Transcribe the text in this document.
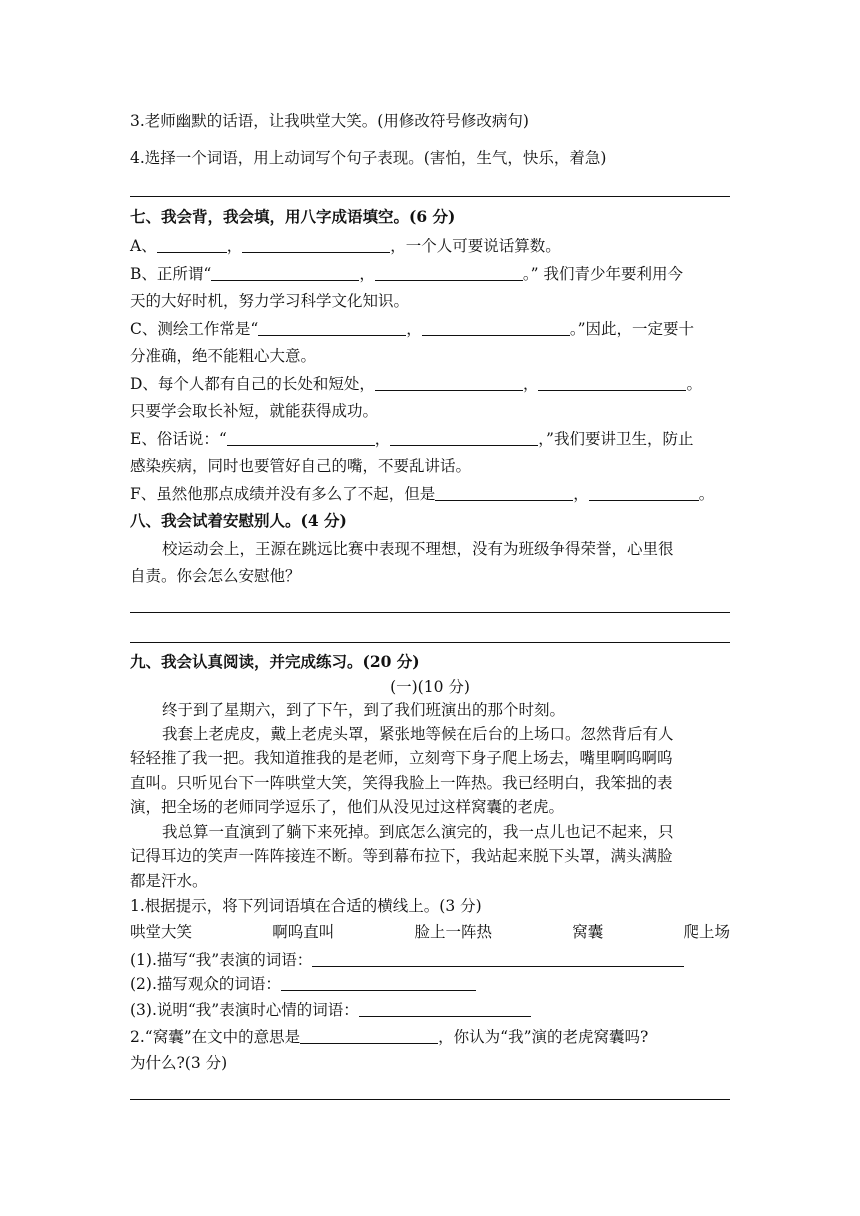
3.老师幽默的话语，让我哄堂大笑。(用修改符号修改病句)
4.选择一个词语，用上动词写个句子表现。(害怕，生气，快乐，着急)
七、我会背，我会填，用八字成语填空。(6 分)
A、	，	，一个人可要说话算数。
B、正所谓“	，	。” 我们青少年要利用今
天的大好时机，努力学习科学文化知识。
C、测绘工作常是“	，	。”因此，一定要十
分准确，绝不能粗心大意。
D、每个人都有自己的长处和短处，	，	。
只要学会取长补短，就能获得成功。
E、俗话说：“	，	，”我们要讲卫生，防止
感染疾病，同时也要管好自己的嘴，不要乱讲话。
F、虽然他那点成绩并没有多么了不起，但是	，	。
八、我会试着安慰别人。(4 分)
校运动会上，王源在跳远比赛中表现不理想，没有为班级争得荣誉，心里很
自责。你会怎么安慰他？
九、我会认真阅读，并完成练习。(20 分)
(一)(10 分)
终于到了星期六，到了下午，到了我们班演出的那个时刻。
我套上老虎皮，戴上老虎头罩，紧张地等候在后台的上场口。忽然背后有人
轻轻推了我一把。我知道推我的是老师，立刻弯下身子爬上场去，嘴里啊呜啊呜
直叫。只听见台下一阵哄堂大笑，笑得我脸上一阵热。我已经明白，我笨拙的表
演，把全场的老师同学逗乐了，他们从没见过这样窝囊的老虎。
我总算一直演到了躺下来死掉。到底怎么演完的，我一点儿也记不起来，只
记得耳边的笑声一阵阵接连不断。等到幕布拉下，我站起来脱下头罩，满头满脸
都是汗水。
1.根据提示，将下列词语填在合适的横线上。(3 分)
哄堂大笑	啊呜直叫	脸上一阵热	窝囊	爬上场
(1).描写“我”表演的词语：
(2).描写观众的词语：
(3).说明“我”表演时心情的词语：
2.“窝囊”在文中的意思是	，你认为“我”演的老虎窝囊吗?
为什么?(3 分)
